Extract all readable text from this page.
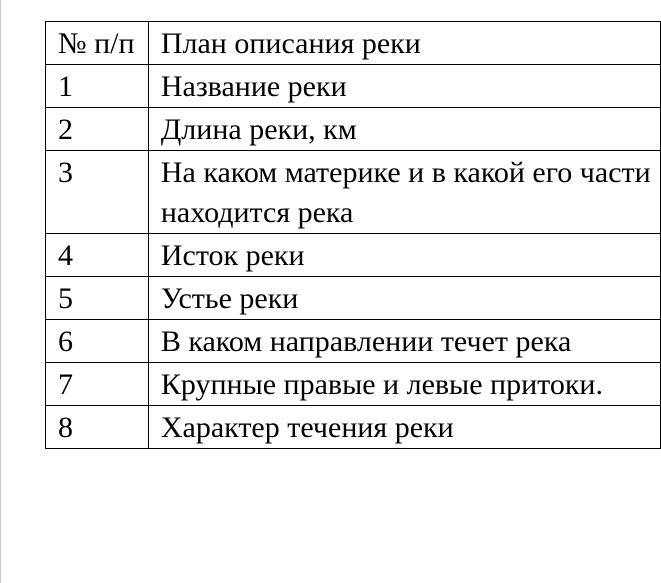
№ п/п	План описания реки
1	Название реки
2	Длина реки, км
3	На каком материке и в какой его части находится река
4	Исток реки
5	Устье реки
6	В каком направлении течет река
7	Крупные правые и левые притоки.
8	Характер течения реки
